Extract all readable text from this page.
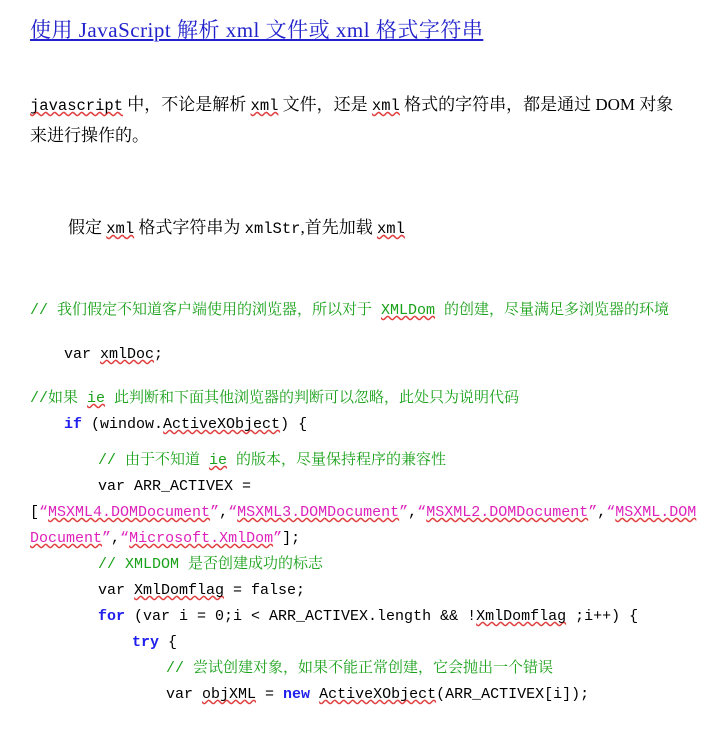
使用 JavaScript 解析 xml 文件或 xml 格式字符串
javascript 中，不论是解析 xml 文件，还是 xml 格式的字符串，都是通过 DOM 对象来进行操作的。
假定 xml 格式字符串为 xmlStr,首先加载 xml
// 我们假定不知道客户端使用的浏览器，所以对于 XMLDom 的创建，尽量满足多浏览器的环境
var xmlDoc;
//如果 ie 此判断和下面其他浏览器的判断可以忽略，此处只为说明代码
if (window.ActiveXObject) {
// 由于不知道 ie 的版本，尽量保持程序的兼容性
var ARR_ACTIVEX =
[“MSXML4.DOMDocument”,“MSXML3.DOMDocument”,“MSXML2.DOMDocument”,“MSXML.DOMDocument”,“Microsoft.XmlDom”];
// XMLDOM 是否创建成功的标志
var XmlDomflag = false;
for (var i = 0;i < ARR_ACTIVEX.length && !XmlDomflag ;i++) {
try {
// 尝试创建对象，如果不能正常创建，它会抛出一个错误
var objXML = new ActiveXObject(ARR_ACTIVEX[i]);
